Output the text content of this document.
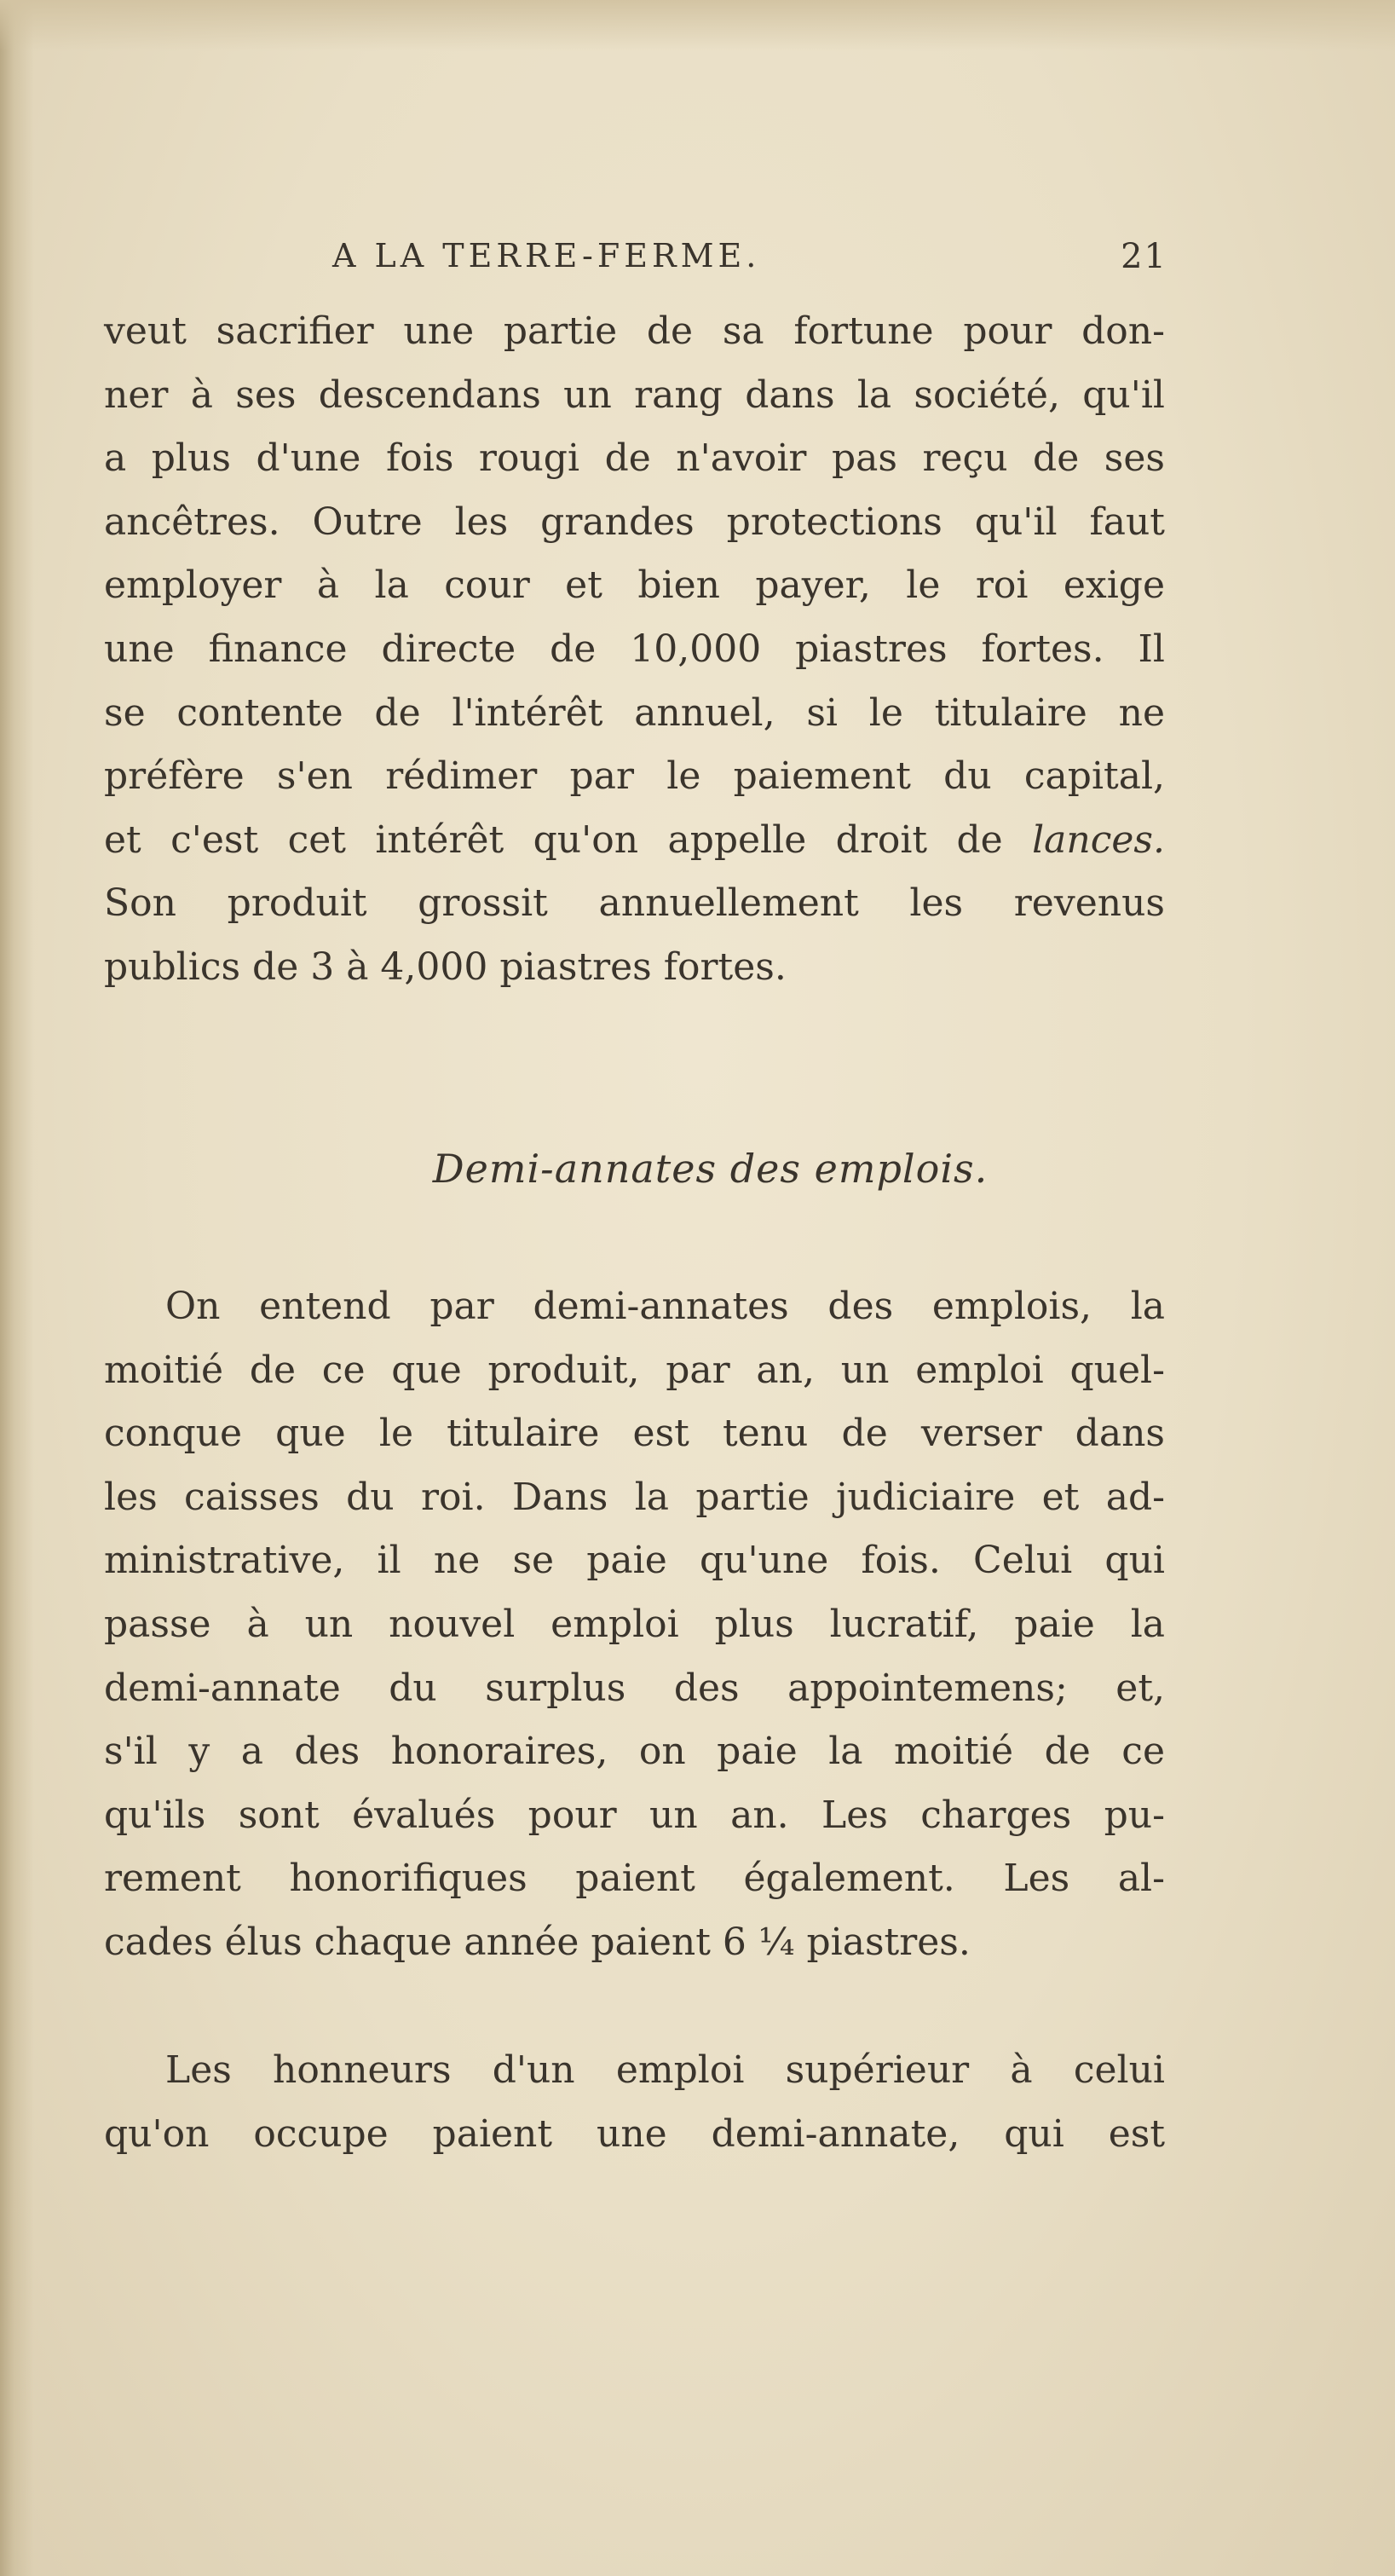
A LA TERRE-FERME.	21
veut sacrifier une partie de sa fortune pour don-
ner à ses descendans un rang dans la société, qu'il
a plus d'une fois rougi de n'avoir pas reçu de ses
ancêtres. Outre les grandes protections qu'il faut
employer à la cour et bien payer, le roi exige
une finance directe de 10,000 piastres fortes. Il
se contente de l'intérêt annuel, si le titulaire ne
préfère s'en rédimer par le paiement du capital,
et c'est cet intérêt qu'on appelle droit de lances.
Son produit grossit annuellement les revenus
publics de 3 à 4,000 piastres fortes.
Demi-annates des emplois.
On entend par demi-annates des emplois, la
moitié de ce que produit, par an, un emploi quel-
conque que le titulaire est tenu de verser dans
les caisses du roi. Dans la partie judiciaire et ad-
ministrative, il ne se paie qu'une fois. Celui qui
passe à un nouvel emploi plus lucratif, paie la
demi-annate du surplus des appointemens; et,
s'il y a des honoraires, on paie la moitié de ce
qu'ils sont évalués pour un an. Les charges pu-
rement honorifiques paient également. Les al-
cades élus chaque année paient 6 ¼ piastres.
Les honneurs d'un emploi supérieur à celui
qu'on occupe paient une demi-annate, qui est
